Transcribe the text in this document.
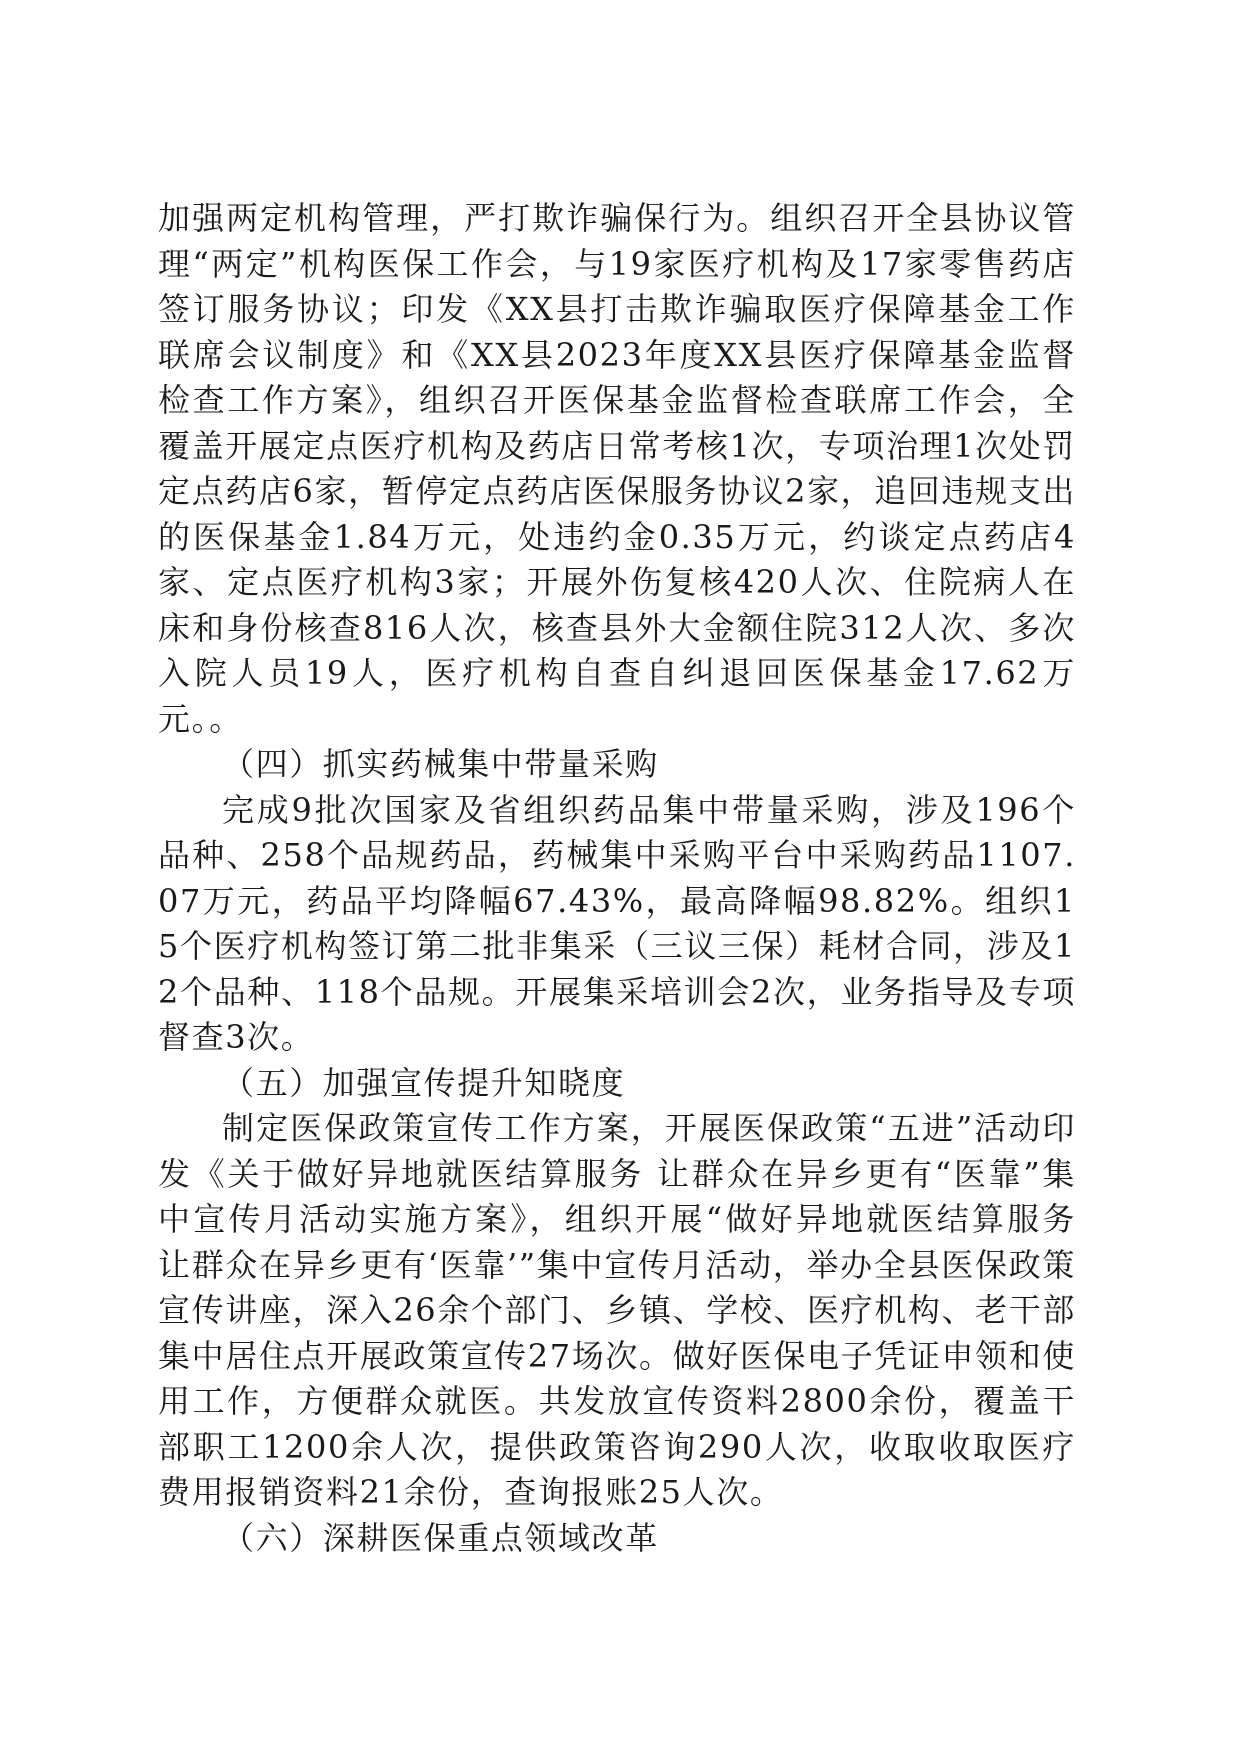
加强两定机构管理，严打欺诈骗保行为。组织召开全县协议管理“两定”机构医保工作会，与19家医疗机构及17家零售药店签订服务协议；印发《XX县打击欺诈骗取医疗保障基金工作联席会议制度》和《XX县2023年度XX县医疗保障基金监督检查工作方案》，组织召开医保基金监督检查联席工作会，全覆盖开展定点医疗机构及药店日常考核1次，专项治理1次处罚定点药店6家，暂停定点药店医保服务协议2家，追回违规支出的医保基金1.84万元，处违约金0.35万元，约谈定点药店4家、定点医疗机构3家；开展外伤复核420人次、住院病人在床和身份核查816人次，核查县外大金额住院312人次、多次入院人员19人，医疗机构自查自纠退回医保基金17.62万元。。

（四）抓实药械集中带量采购

完成9批次国家及省组织药品集中带量采购，涉及196个品种、258个品规药品，药械集中采购平台中采购药品1107.07万元，药品平均降幅67.43%，最高降幅98.82%。组织15个医疗机构签订第二批非集采（三议三保）耗材合同，涉及12个品种、118个品规。开展集采培训会2次，业务指导及专项督查3次。

（五）加强宣传提升知晓度

制定医保政策宣传工作方案，开展医保政策“五进”活动印发《关于做好异地就医结算服务 让群众在异乡更有“医靠”集中宣传月活动实施方案》，组织开展“做好异地就医结算服务 让群众在异乡更有‘医靠’”集中宣传月活动，举办全县医保政策宣传讲座，深入26余个部门、乡镇、学校、医疗机构、老干部集中居住点开展政策宣传27场次。做好医保电子凭证申领和使用工作，方便群众就医。共发放宣传资料2800余份，覆盖干部职工1200余人次，提供政策咨询290人次，收取收取医疗费用报销资料21余份，查询报账25人次。

（六）深耕医保重点领域改革
